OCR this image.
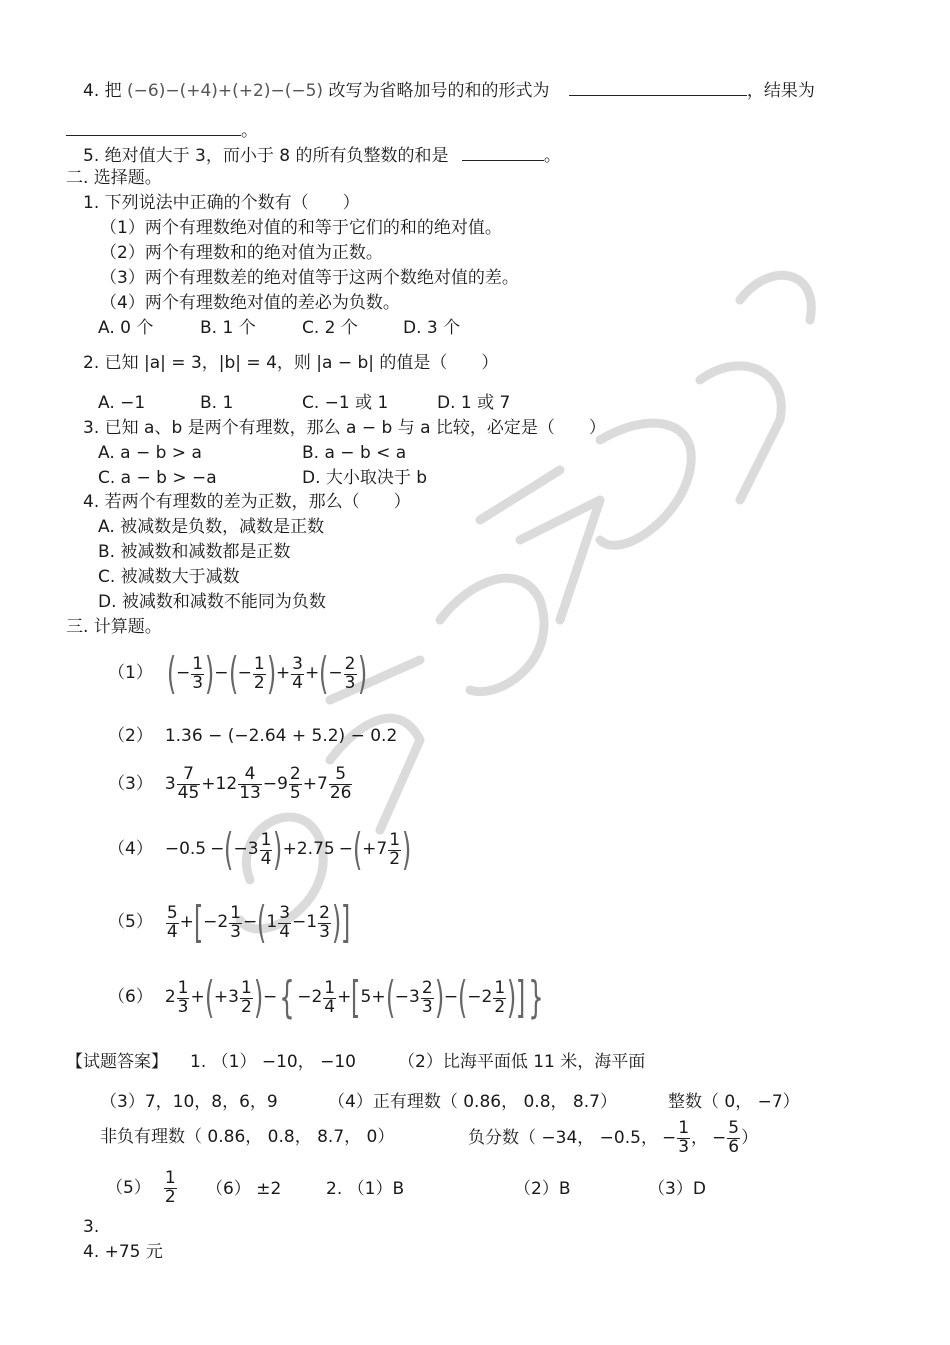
4. 把 (−6)−(+4)+(+2)−(−5) 改写为省略加号的和的形式为	，结果为
。
5. 绝对值大于 3，而小于 8 的所有负整数的和是	。
二. 选择题。
1. 下列说法中正确的个数有（　　）
（1）两个有理数绝对值的和等于它们的和的绝对值。
（2）两个有理数和的绝对值为正数。
（3）两个有理数差的绝对值等于这两个数绝对值的差。
（4）两个有理数绝对值的差必为负数。
A. 0 个	B. 1 个	C. 2 个	D. 3 个
2. 已知 |a| = 3，|b| = 4，则 |a − b| 的值是（　　）
A. −1	B. 1	C. −1 或 1	D. 1 或 7
3. 已知 a、b 是两个有理数，那么 a − b 与 a 比较，必定是（　　）
A. a − b > a	B. a − b < a
C. a − b > −a	D. 大小取决于 b
4. 若两个有理数的差为正数，那么（　　）
A. 被减数是负数，减数是正数
B. 被减数和减数都是正数
C. 被减数大于减数
D. 被减数和减数不能同为负数
三. 计算题。
（1） ( − $\frac{1}{3}$ ) − ( − $\frac{1}{2}$ ) + $\frac{3}{4}$ + ( − $\frac{2}{3}$ )
（2） 1.36 − (−2.64 + 5.2) − 0.2
（3） $3 \frac{7}{45} + 12 \frac{4}{13} - 9 \frac{2}{5} + 7 \frac{5}{26}$
（4） −0.5 − ( $-3 \frac{1}{4}$ ) + 2.75 − ( $+7 \frac{1}{2}$ )
$(5) \frac{5}{4}$ + [ $-2 \frac{1}{3}$ − ( $1 \frac{3}{4} - 1 \frac{2}{3}$ ) ]
（6） $2 \frac{1}{3}$ + ( $+3 \frac{1}{2}$ ) − { $-2 \frac{1}{4}$ + [ 5 + ( $-3 \frac{2}{3}$ ) − ( $-2 \frac{1}{2}$ ) ] }
【试题答案】 1. （1） −10， −10 （2）比海平面低 11 米，海平面
（3）7，10，8，6，9	（4）正有理数（ 0.86， 0.8， 8.7）	整数（ 0， −7）
非负有理数（ 0.86， 0.8， 8.7， 0）	负分数（ −34， −0.5， − $\frac{1}{3}$ ， − $\frac{5}{6}$ ）
$(5) \frac{1}{2} (6) \pm 2$	2. （1）B	（2）B	（3）D
3.
4. +75 元
